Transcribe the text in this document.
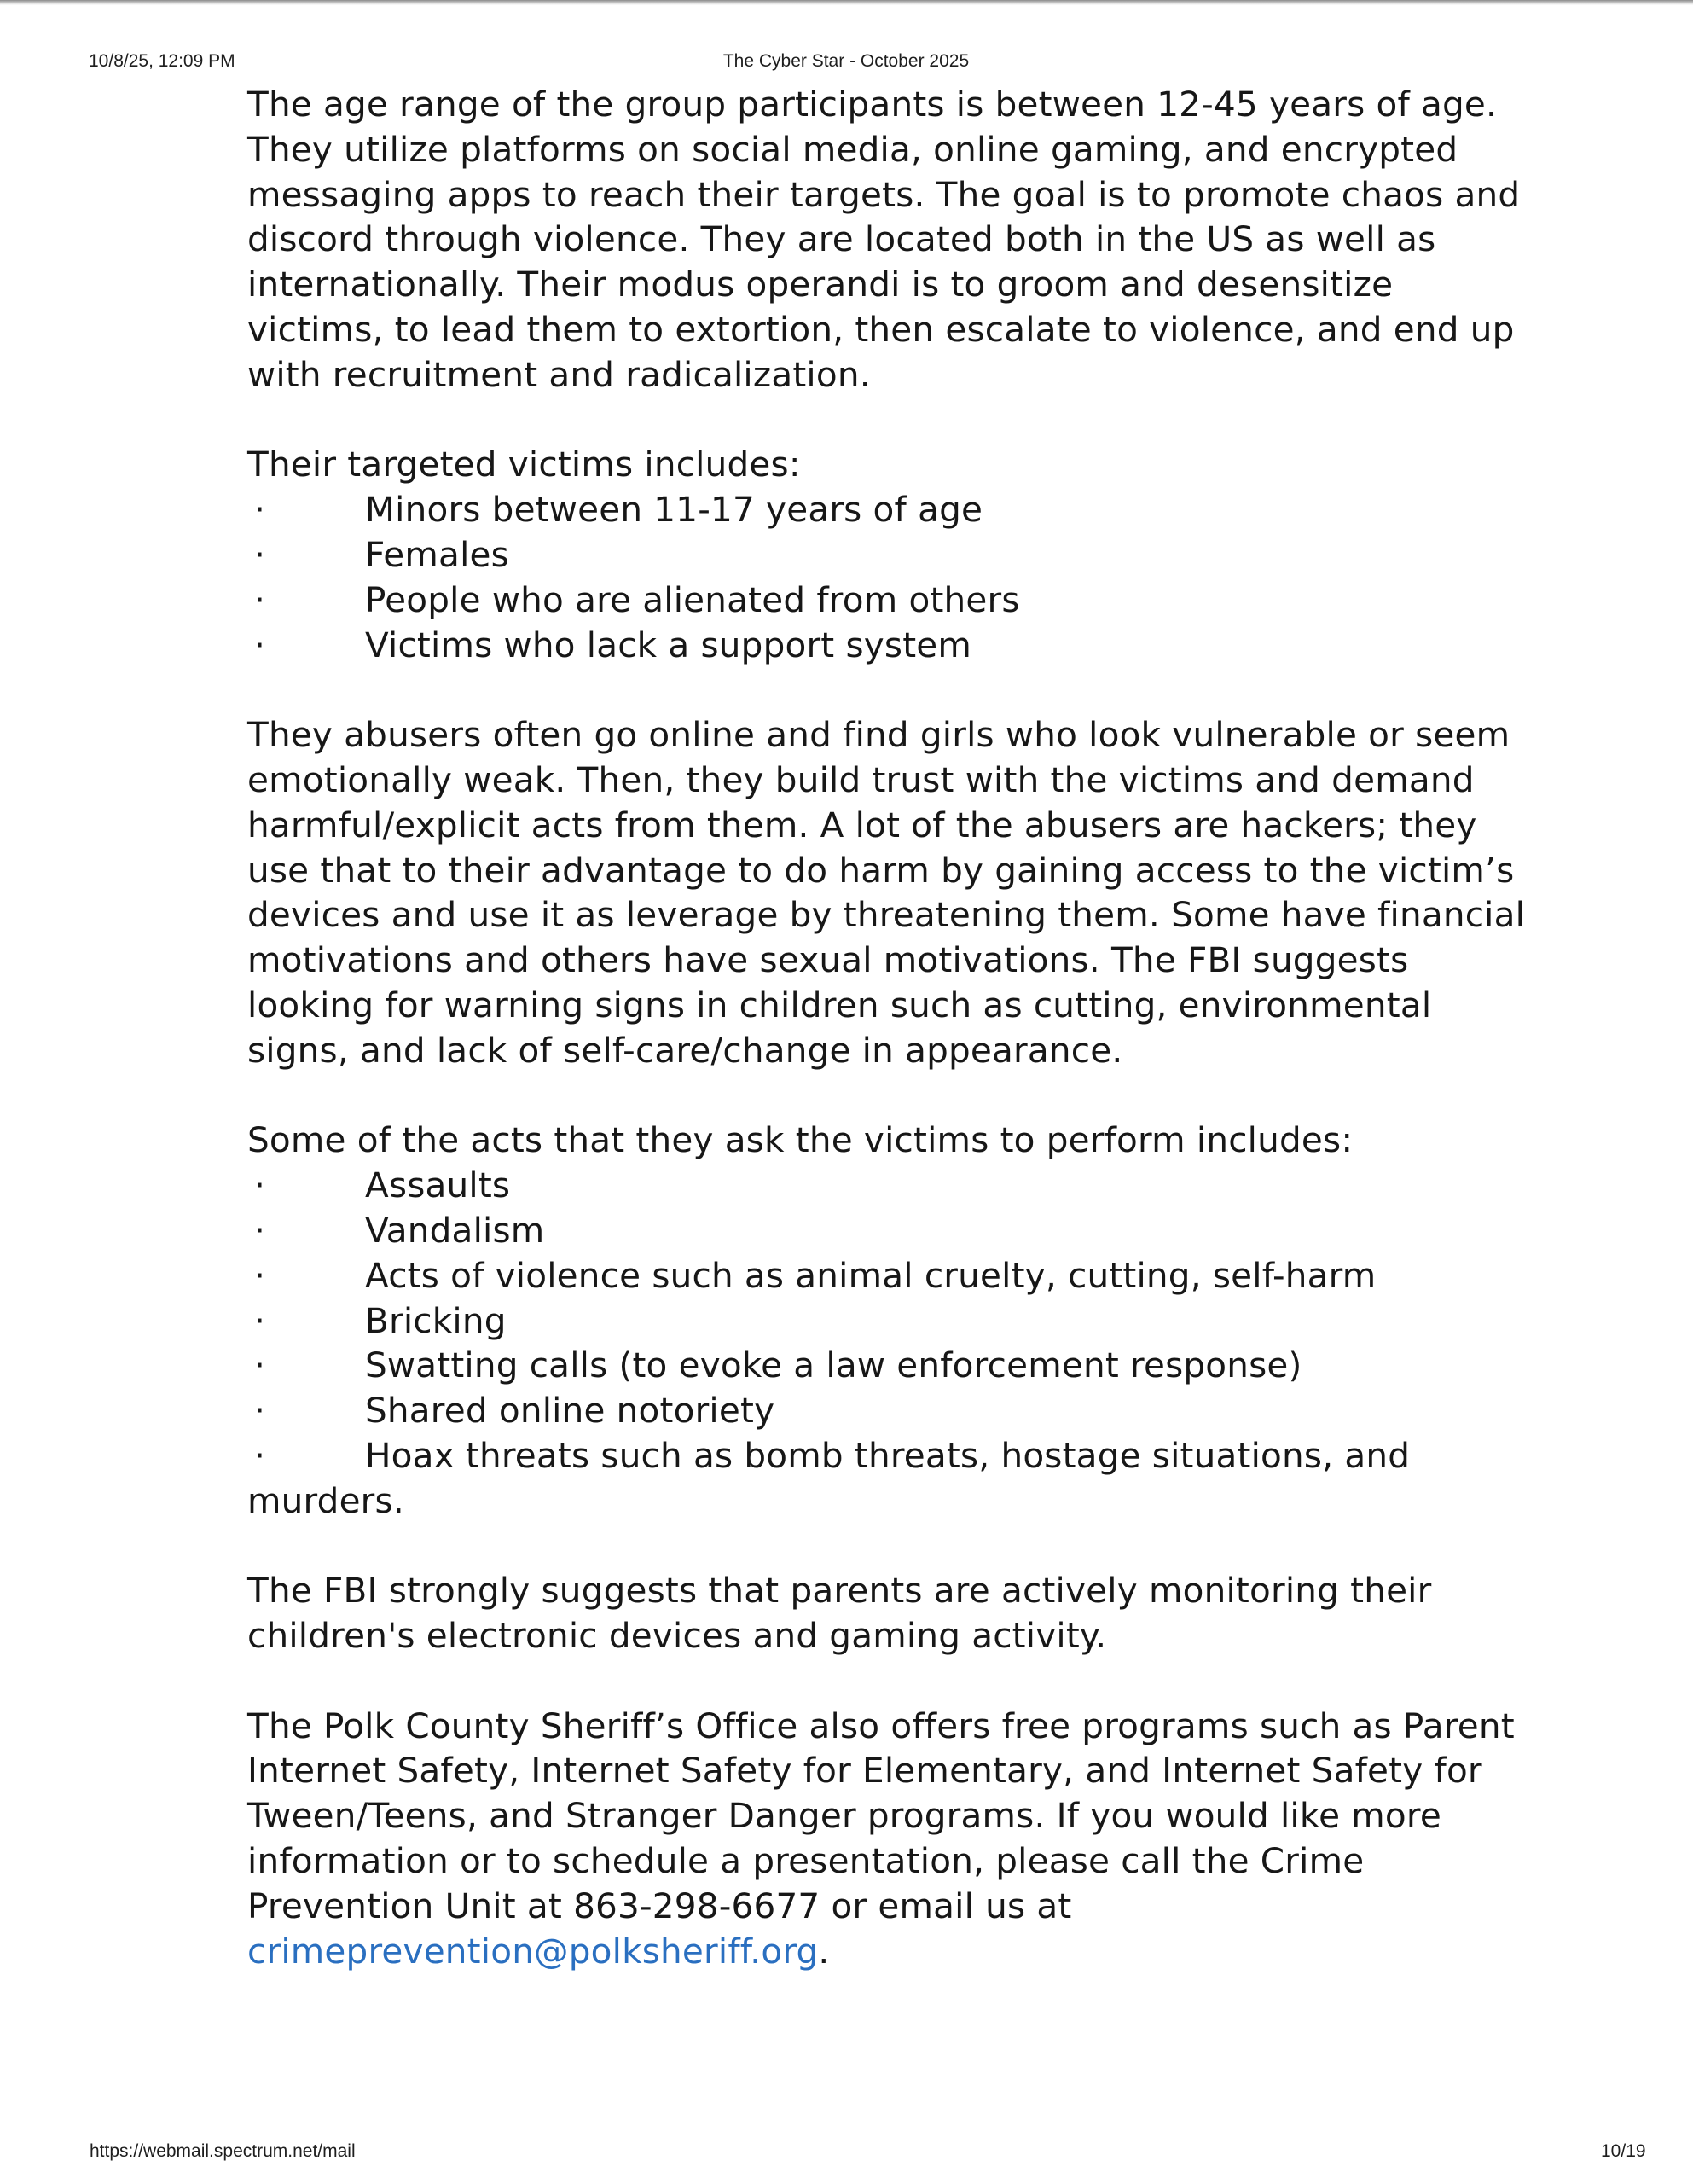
10/8/25, 12:09 PM	The Cyber Star - October 2025

The age range of the group participants is between 12-45 years of age. They utilize platforms on social media, online gaming, and encrypted messaging apps to reach their targets. The goal is to promote chaos and discord through violence. They are located both in the US as well as internationally. Their modus operandi is to groom and desensitize victims, to lead them to extortion, then escalate to violence, and end up with recruitment and radicalization.

Their targeted victims includes:

·	Minors between 11-17 years of age
·	Females
·	People who are alienated from others
·	Victims who lack a support system

They abusers often go online and find girls who look vulnerable or seem emotionally weak. Then, they build trust with the victims and demand harmful/explicit acts from them. A lot of the abusers are hackers; they use that to their advantage to do harm by gaining access to the victim’s devices and use it as leverage by threatening them. Some have financial motivations and others have sexual motivations. The FBI suggests looking for warning signs in children such as cutting, environmental signs, and lack of self-care/change in appearance.

Some of the acts that they ask the victims to perform includes:

·	Assaults
·	Vandalism
·	Acts of violence such as animal cruelty, cutting, self-harm
·	Bricking
·	Swatting calls (to evoke a law enforcement response)
·	Shared online notoriety
·	Hoax threats such as bomb threats, hostage situations, and

murders.

The FBI strongly suggests that parents are actively monitoring their children's electronic devices and gaming activity.

The Polk County Sheriff’s Office also offers free programs such as Parent Internet Safety, Internet Safety for Elementary, and Internet Safety for Tween/Teens, and Stranger Danger programs. If you would like more information or to schedule a presentation, please call the Crime Prevention Unit at 863-298-6677 or email us at crimeprevention@polksheriff.org.

https://webmail.spectrum.net/mail	10/19
